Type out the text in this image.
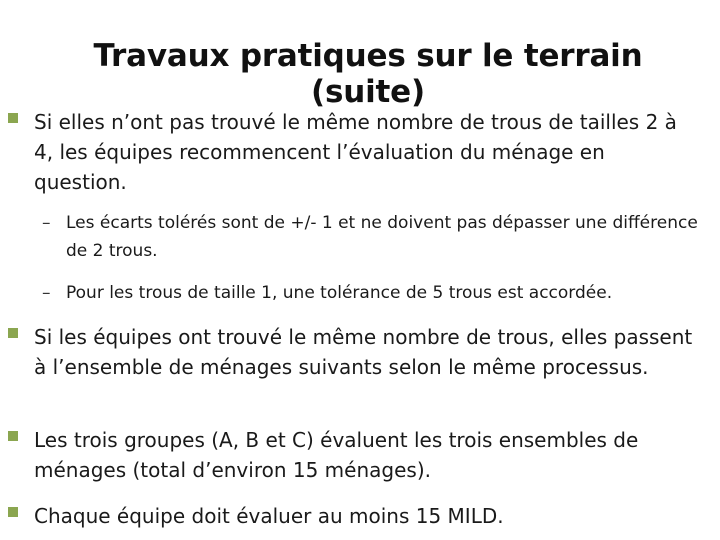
Travaux pratiques sur le terrain (suite)

Si elles n’ont pas trouvé le même nombre de trous de tailles 2 à 4, les équipes recommencent l’évaluation du ménage en question.

– Les écarts tolérés sont de +/- 1 et ne doivent pas dépasser une différence de 2 trous.

– Pour les trous de taille 1, une tolérance de 5 trous est accordée.

Si les équipes ont trouvé le même nombre de trous, elles passent à l’ensemble de ménages suivants selon le même processus.

Les trois groupes (A, B et C) évaluent les trois ensembles de ménages (total d’environ 15 ménages).

Chaque équipe doit évaluer au moins 15 MILD.
